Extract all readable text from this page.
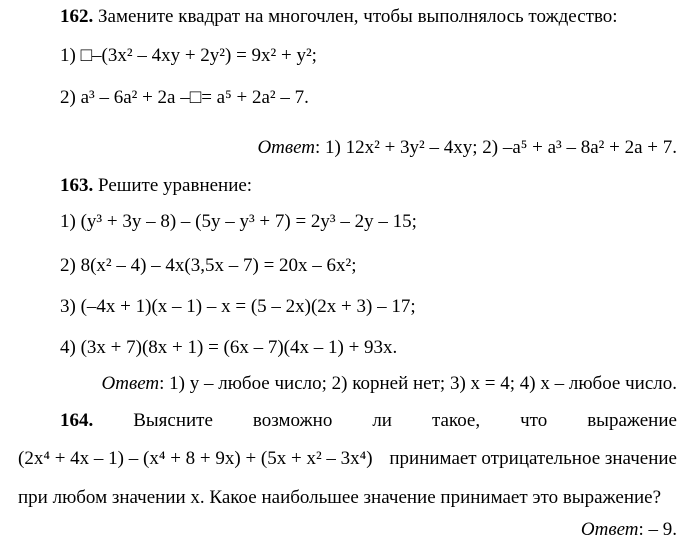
162. Замените квадрат на многочлен, чтобы выполнялось тождество:
1) □–(3x² – 4xy + 2y²) = 9x² + y²;
2) a³ – 6a² + 2a –□= a⁵ + 2a² – 7.
Ответ: 1) 12x² + 3y² – 4xy; 2) –a⁵ + a³ – 8a² + 2a + 7.
163. Решите уравнение:
1) (y³ + 3y – 8) – (5y – y³ + 7) = 2y³ – 2y – 15;
2) 8(x² – 4) – 4x(3,5x – 7) = 20x – 6x²;
3) (–4x + 1)(x – 1) – x = (5 – 2x)(2x + 3) – 17;
4) (3x + 7)(8x + 1) = (6x – 7)(4x – 1) + 93x.
Ответ: 1) y – любое число; 2) корней нет; 3) x = 4; 4) x – любое число.
164. Выясните возможно ли такое, что выражение
(2x⁴ + 4x – 1) – (x⁴ + 8 + 9x) + (5x + x² – 3x⁴) принимает отрицательное значение
при любом значении x. Какое наибольшее значение принимает это выражение?
Ответ: – 9.
